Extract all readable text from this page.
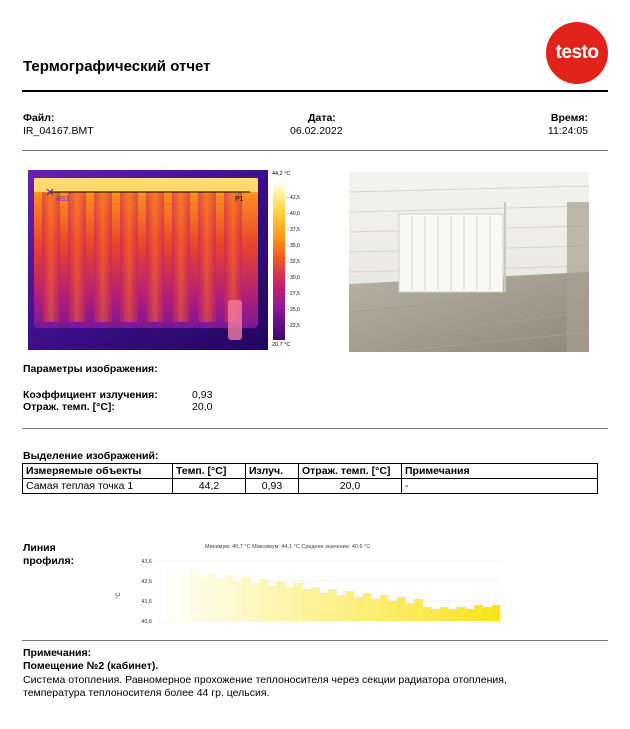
Термографический отчет
testo
Файл:
IR_04167.BMT
Дата:
06.02.2022
Время:
11:24:05
HS1	P1
44,2 °C
- 42,5
- 40,0
- 37,5
- 35,0
- 32,5
- 30,0
- 27,5
- 25,0
- 22,5
20,7 °C
Параметры изображения:
Коэффициент излучения:	0,93
Отраж. темп. [°C]:	20,0
Выделение изображений:
Измеряемые объекты	Темп. [°C]	Излуч.	Отраж. темп. [°C]	Примечания
Самая теплая точка 1	44,2	0,93	20,0	-
Линия
профиля:
Минимум: 40,7 °C Максимум: 44,1 °C Среднее значение: 40,6 °C
43,6
42,6
41,6
40,6
°C
Примечания:
Помещение №2 (кабинет).
Система отопления. Равномерное прохожение теплоносителя через секции радиатора отопления,
температура теплоносителя более 44 гр. цельсия.
